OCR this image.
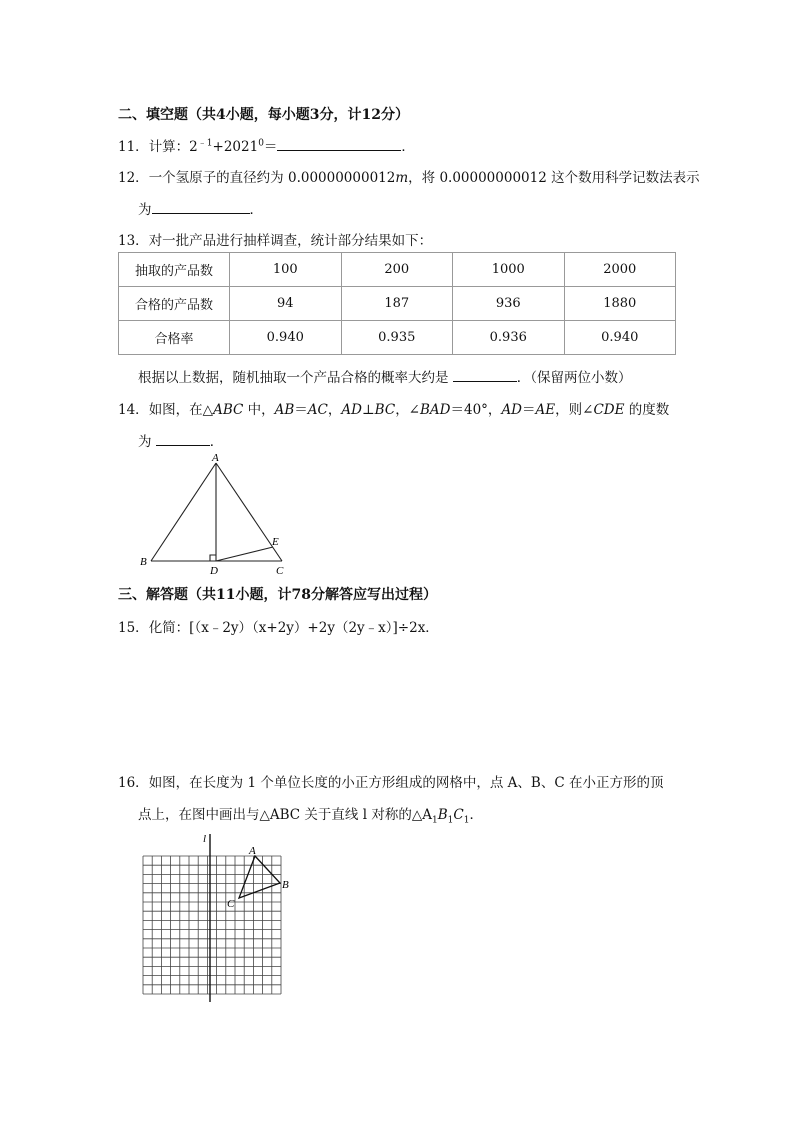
二、填空题（共4小题，每小题3分，计12分）
11．计算：$2^{﹣1}+2021^0=$	．
12．一个氢原子的直径约为 0.00000000012m，将 0.00000000012 这个数用科学记数法表示
为	．
13．对一批产品进行抽样调查，统计部分结果如下：
抽取的产品数	100	200	1000	2000
合格的产品数	94	187	936	1880
合格率	0.940	0.935	0.936	0.940
根据以上数据，随机抽取一个产品合格的概率大约是	．（保留两位小数）
14．如图，在△ABC 中，AB＝AC，AD⊥BC，∠BAD＝40°，AD＝AE，则∠CDE 的度数
为	．
A
B
C
D
E
三、解答题（共11小题，计78分解答应写出过程）
15．化简：[（x﹣2y）（x+2y）+2y（2y﹣x）]÷2x．
16．如图，在长度为 1 个单位长度的小正方形组成的网格中，点 A、B、C 在小正方形的顶
点上，在图中画出与△ABC 关于直线 l 对称的$\triangle A_1B_1C_1$．
l
A
B
C
